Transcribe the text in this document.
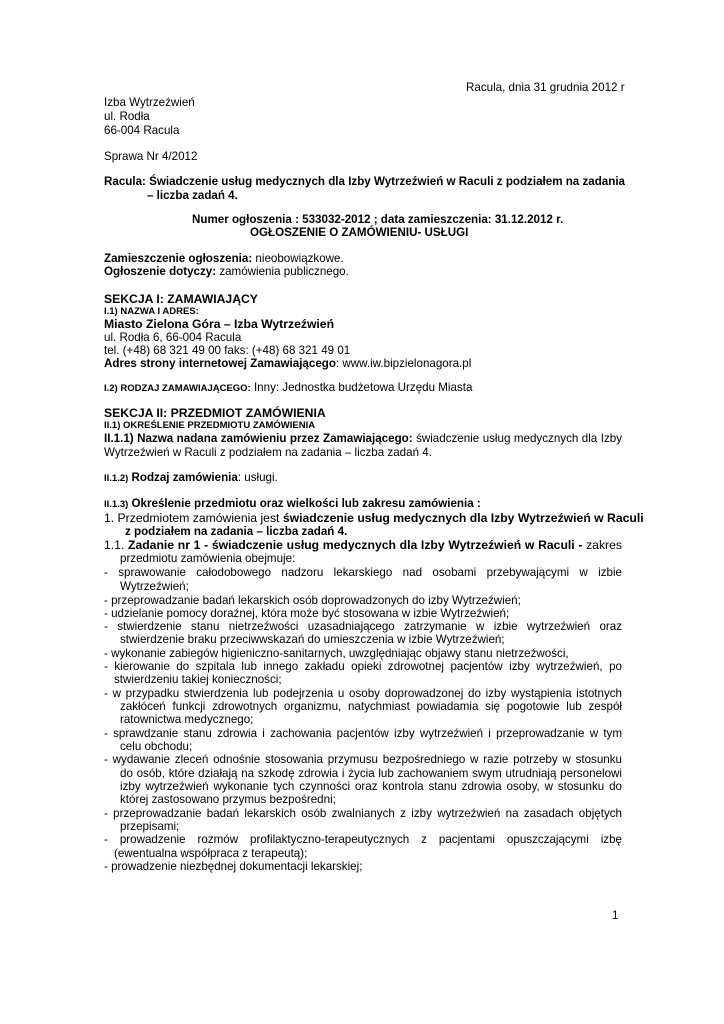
Racula, dnia 31 grudnia 2012 r
Izba Wytrzeźwień
ul. Rodła
66-004 Racula
Sprawa Nr 4/2012
Racula: Świadczenie usług medycznych dla Izby Wytrzeźwień w Raculi z podziałem na zadania
– liczba zadań 4.
Numer ogłoszenia : 533032-2012 ; data zamieszczenia: 31.12.2012 r.
OGŁOSZENIE O ZAMÓWIENIU- USŁUGI
Zamieszczenie ogłoszenia: nieobowiązkowe.
Ogłoszenie dotyczy: zamówienia publicznego.
SEKCJA I: ZAMAWIAJĄCY
I.1) NAZWA I ADRES:
Miasto Zielona Góra – Izba Wytrzeźwień
ul. Rodła 6, 66-004 Racula
tel. (+48) 68 321 49 00 faks: (+48) 68 321 49 01
Adres strony internetowej Zamawiającego: www.iw.bipzielonagora.pl
I.2) RODZAJ ZAMAWIAJĄCEGO: Inny: Jednostka budżetowa Urzędu Miasta
SEKCJA II: PRZEDMIOT ZAMÓWIENIA
II.1) OKREŚLENIE PRZEDMIOTU ZAMÓWIENIA
II.1.1) Nazwa nadana zamówieniu przez Zamawiającego: świadczenie usług medycznych dla Izby
Wytrzeźwień w Raculi z podziałem na zadania – liczba zadań 4.
II.1.2) Rodzaj zamówienia: usługi.
II.1.3) Określenie przedmiotu oraz wielkości lub zakresu zamówienia :
1. Przedmiotem zamówienia jest świadczenie usług medycznych dla Izby Wytrzeźwień w Raculi
z podziałem na zadania – liczba zadań 4.
1.1. Zadanie nr 1 - świadczenie usług medycznych dla Izby Wytrzeźwień w Raculi - zakres
przedmiotu zamówienia obejmuje:
- sprawowanie całodobowego nadzoru lekarskiego nad osobami przebywającymi w izbie
Wytrzeźwień;
- przeprowadzanie badań lekarskich osób doprowadzonych do izby Wytrzeźwień;
- udzielanie pomocy doraźnej, która może być stosowana w izbie Wytrzeźwień;
- stwierdzenie stanu nietrzeźwości uzasadniającego zatrzymanie w izbie wytrzeźwień oraz
stwierdzenie braku przeciwwskazań do umieszczenia w izbie Wytrzeźwień;
- wykonanie zabiegów higieniczno-sanitarnych, uwzględniając objawy stanu nietrzeźwości,
- kierowanie do szpitala lub innego zakładu opieki zdrowotnej pacjentów izby wytrzeźwień, po
stwierdzeniu takiej konieczności;
- w przypadku stwierdzenia lub podejrzenia u osoby doprowadzonej do izby wystąpienia istotnych
zakłóceń funkcji zdrowotnych organizmu, natychmiast powiadamia się pogotowie lub zespół
ratownictwa medycznego;
- sprawdzanie stanu zdrowia i zachowania pacjentów izby wytrzeźwień i przeprowadzanie w tym
celu obchodu;
- wydawanie zleceń odnośnie stosowania przymusu bezpośredniego w razie potrzeby w stosunku
do osób, które działają na szkodę zdrowia i życia lub zachowaniem swym utrudniają personelowi
izby wytrzeźwień wykonanie tych czynności oraz kontrola stanu zdrowia osoby, w stosunku do
której zastosowano przymus bezpośredni;
- przeprowadzanie badań lekarskich osób zwalnianych z izby wytrzeźwień na zasadach objętych
przepisami;
- prowadzenie rozmów profilaktyczno-terapeutycznych z pacjentami opuszczającymi izbę
(ewentualna współpraca z terapeutą);
- prowadzenie niezbędnej dokumentacji lekarskiej;
1
